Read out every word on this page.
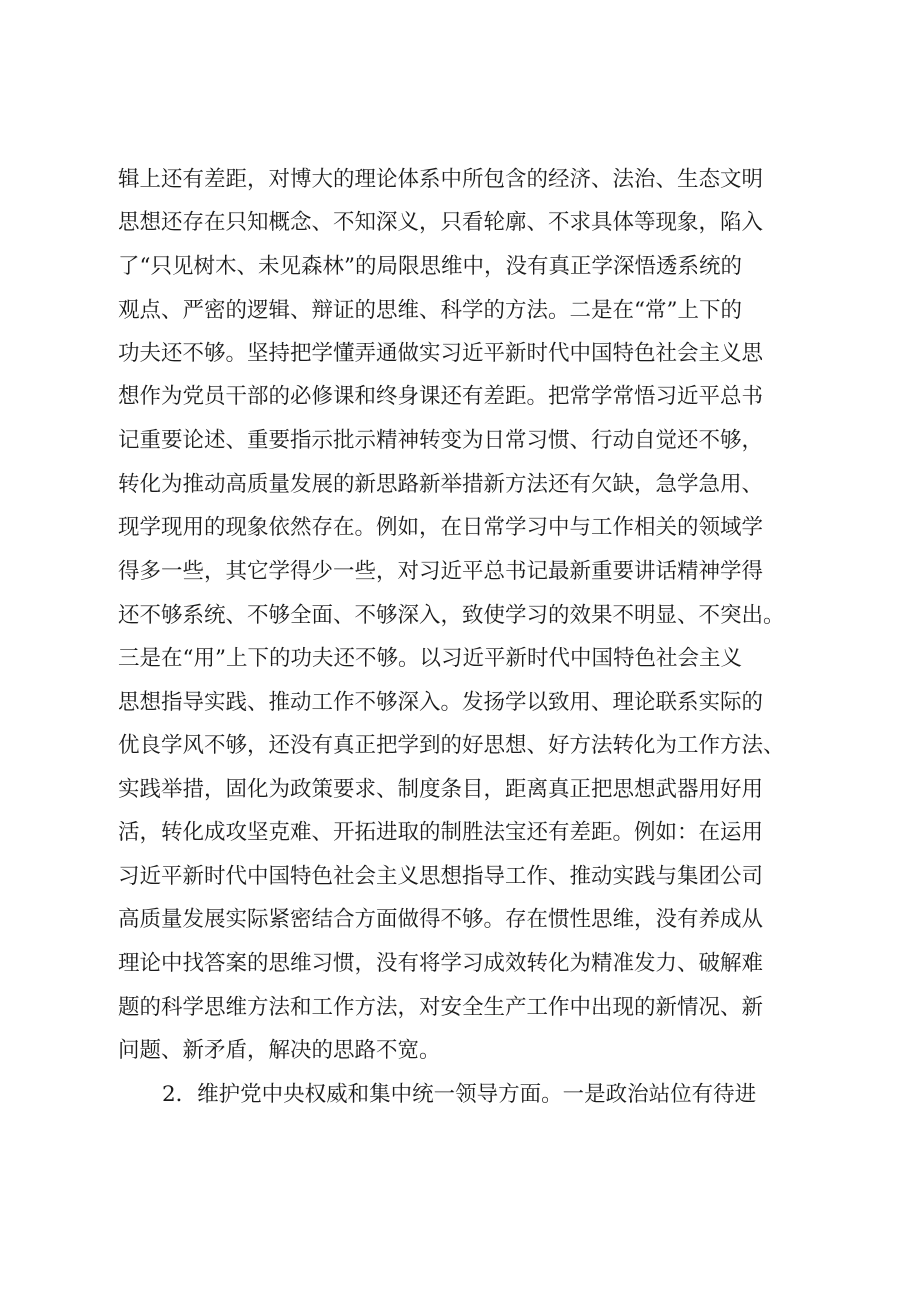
辑上还有差距，对博大的理论体系中所包含的经济、法治、生态文明
思想还存在只知概念、不知深义，只看轮廓、不求具体等现象，陷入
了“只见树木、未见森林”的局限思维中，没有真正学深悟透系统的
观点、严密的逻辑、辩证的思维、科学的方法。二是在“常”上下的
功夫还不够。坚持把学懂弄通做实习近平新时代中国特色社会主义思
想作为党员干部的必修课和终身课还有差距。把常学常悟习近平总书
记重要论述、重要指示批示精神转变为日常习惯、行动自觉还不够，
转化为推动高质量发展的新思路新举措新方法还有欠缺，急学急用、
现学现用的现象依然存在。例如，在日常学习中与工作相关的领域学
得多一些，其它学得少一些，对习近平总书记最新重要讲话精神学得
还不够系统、不够全面、不够深入，致使学习的效果不明显、不突出。
三是在“用”上下的功夫还不够。以习近平新时代中国特色社会主义
思想指导实践、推动工作不够深入。发扬学以致用、理论联系实际的
优良学风不够，还没有真正把学到的好思想、好方法转化为工作方法、
实践举措，固化为政策要求、制度条目，距离真正把思想武器用好用
活，转化成攻坚克难、开拓进取的制胜法宝还有差距。例如：在运用
习近平新时代中国特色社会主义思想指导工作、推动实践与集团公司
高质量发展实际紧密结合方面做得不够。存在惯性思维，没有养成从
理论中找答案的思维习惯，没有将学习成效转化为精准发力、破解难
题的科学思维方法和工作方法，对安全生产工作中出现的新情况、新
问题、新矛盾，解决的思路不宽。
2．维护党中央权威和集中统一领导方面。一是政治站位有待进
